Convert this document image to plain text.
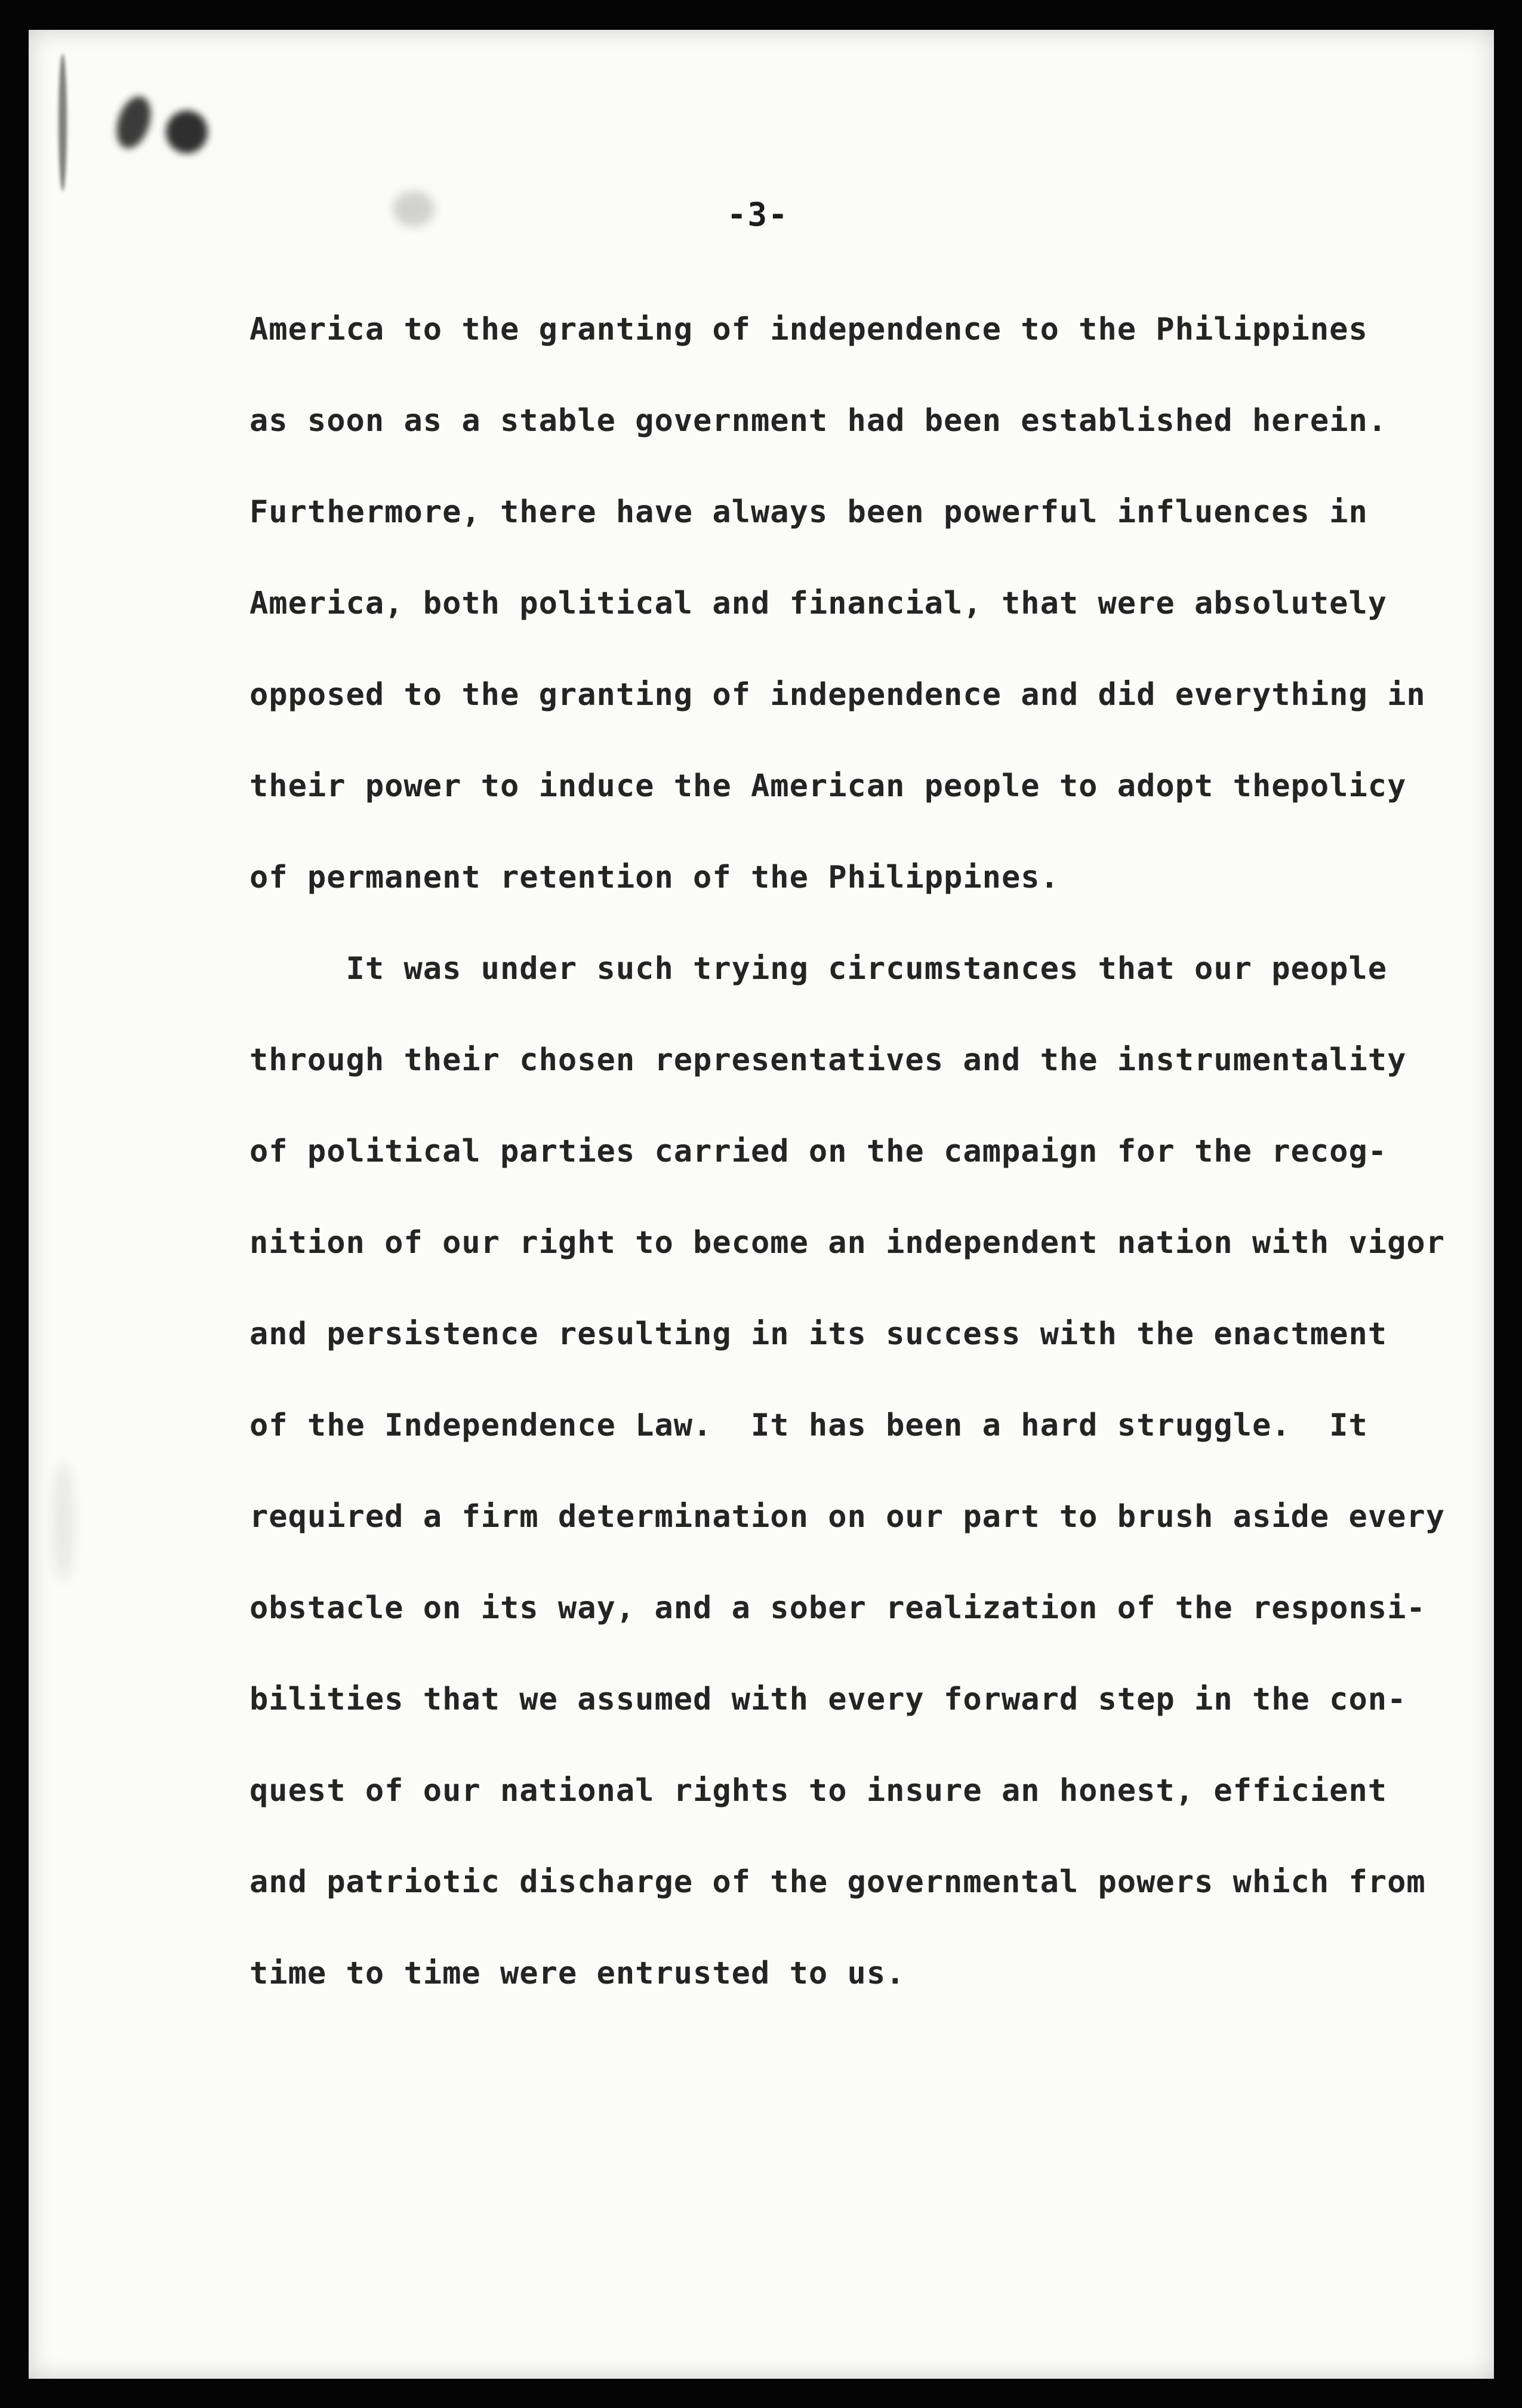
-3-
America to the granting of independence to the Philippines
as soon as a stable government had been established herein.
Furthermore, there have always been powerful influences in
America, both political and financial, that were absolutely
opposed to the granting of independence and did everything in
their power to induce the American people to adopt thepolicy
of permanent retention of the Philippines.
It was under such trying circumstances that our people
through their chosen representatives and the instrumentality
of political parties carried on the campaign for the recog-
nition of our right to become an independent nation with vigor
and persistence resulting in its success with the enactment
of the Independence Law.  It has been a hard struggle.  It
required a firm determination on our part to brush aside every
obstacle on its way, and a sober realization of the responsi-
bilities that we assumed with every forward step in the con-
quest of our national rights to insure an honest, efficient
and patriotic discharge of the governmental powers which from
time to time were entrusted to us.
